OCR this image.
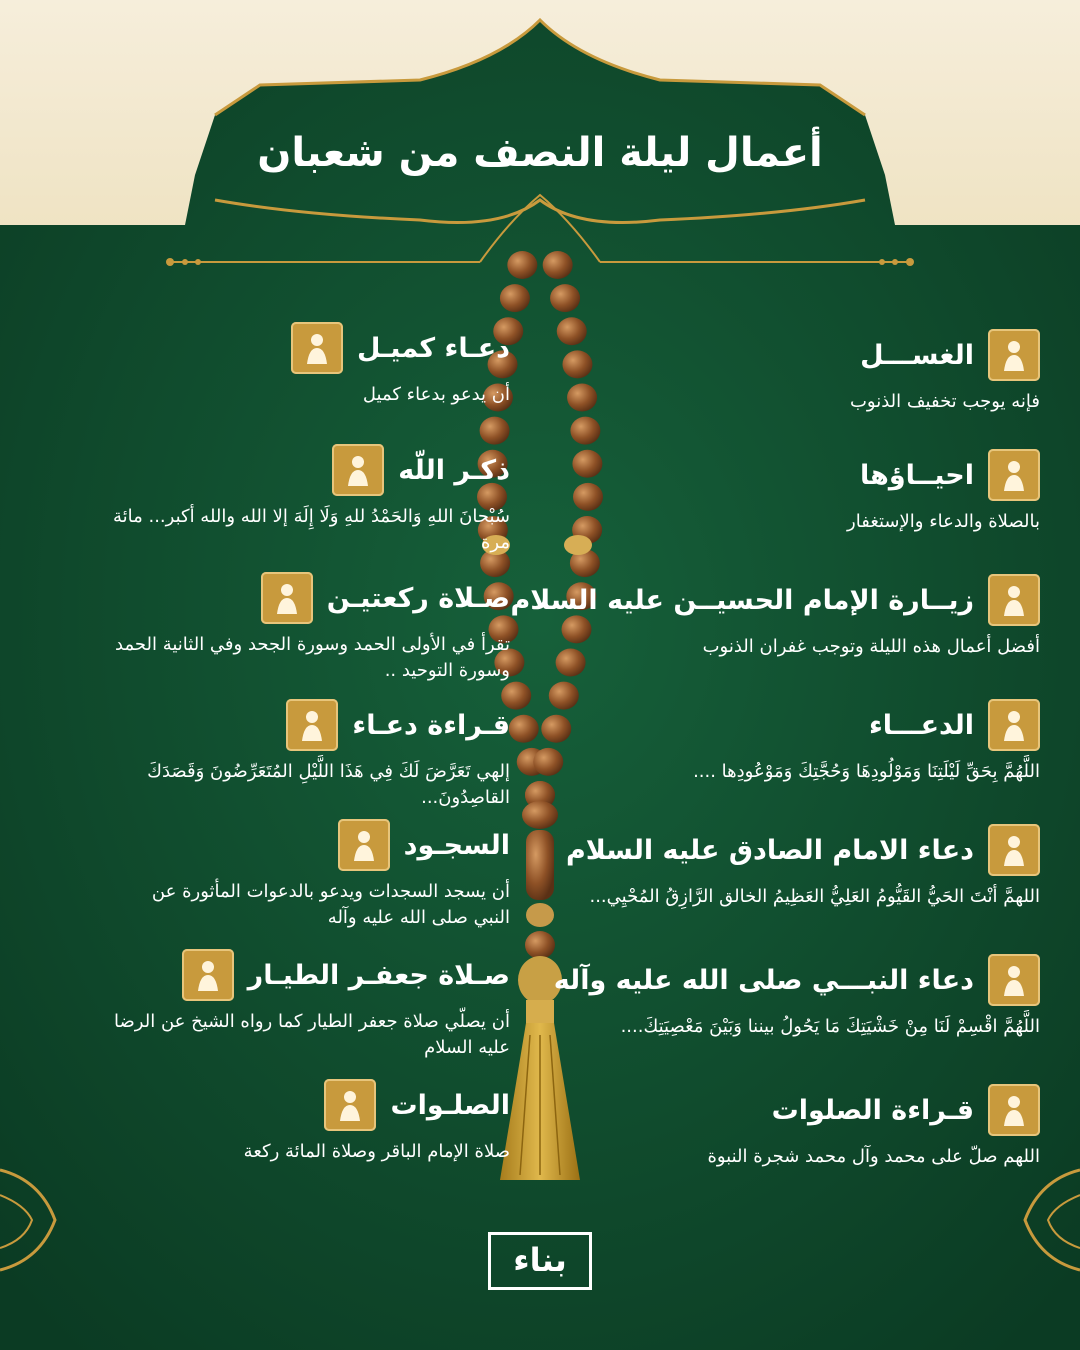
أعمال ليلة النصف من شعبان
الغســـل
فإنه يوجب تخفيف الذنوب
احيــاؤها
بالصلاة والدعاء والإستغفار
زيــارة الإمام الحسيــن عليه السلام
أفضل أعمال هذه الليلة وتوجب غفران الذنوب
الدعـــاء
اللَّهُمَّ بِحَقِّ لَيْلَتِنَا وَمَوْلُودِهَا وَحُجَّتِكَ وَمَوْعُودِها ....
دعاء الامام الصادق عليه السلام
اللهمَّ أنْتَ الحَيُّ القَيُّومُ العَلِيُّ العَظِيمُ الخالق الرَّازِقُ المُحْيِي...
دعاء النبـــي صلى الله عليه وآله
اللَّهُمَّ اقْسِمْ لَنَا مِنْ خَشْيَتِكَ مَا يَحُولُ بيننا وَبَيْنَ مَعْصِيَتِكَ....
قـراءة الصلوات
اللهم صلّ على محمد وآل محمد شجرة النبوة
دعـاء كميـل
أن يدعو بدعاء كميل
ذكـر اللّه
سُبْحانَ اللهِ وَالحَمْدُ للهِ وَلَا إِلَهَ إلا الله والله أكبر... مائة مرة
صـلاة ركعتيـن
تقرأ في الأولى الحمد وسورة الجحد وفي الثانية الحمد وسورة التوحيد ..
قـراءة دعـاء
إلهي تَعَرَّضَ لَكَ فِي هَذَا اللَّيْلِ المُتَعَرِّضُونَ وَقَصَدَكَ القاصِدُونَ...
السجـود
أن يسجد السجدات ويدعو بالدعوات المأثورة عن النبي صلى الله عليه وآله
صـلاة جعفـر الطيـار
أن يصلّي صلاة جعفر الطيار كما رواه الشيخ عن الرضا عليه السلام
الصلـوات
صلاة الإمام الباقر وصلاة المائة ركعة
بناء
